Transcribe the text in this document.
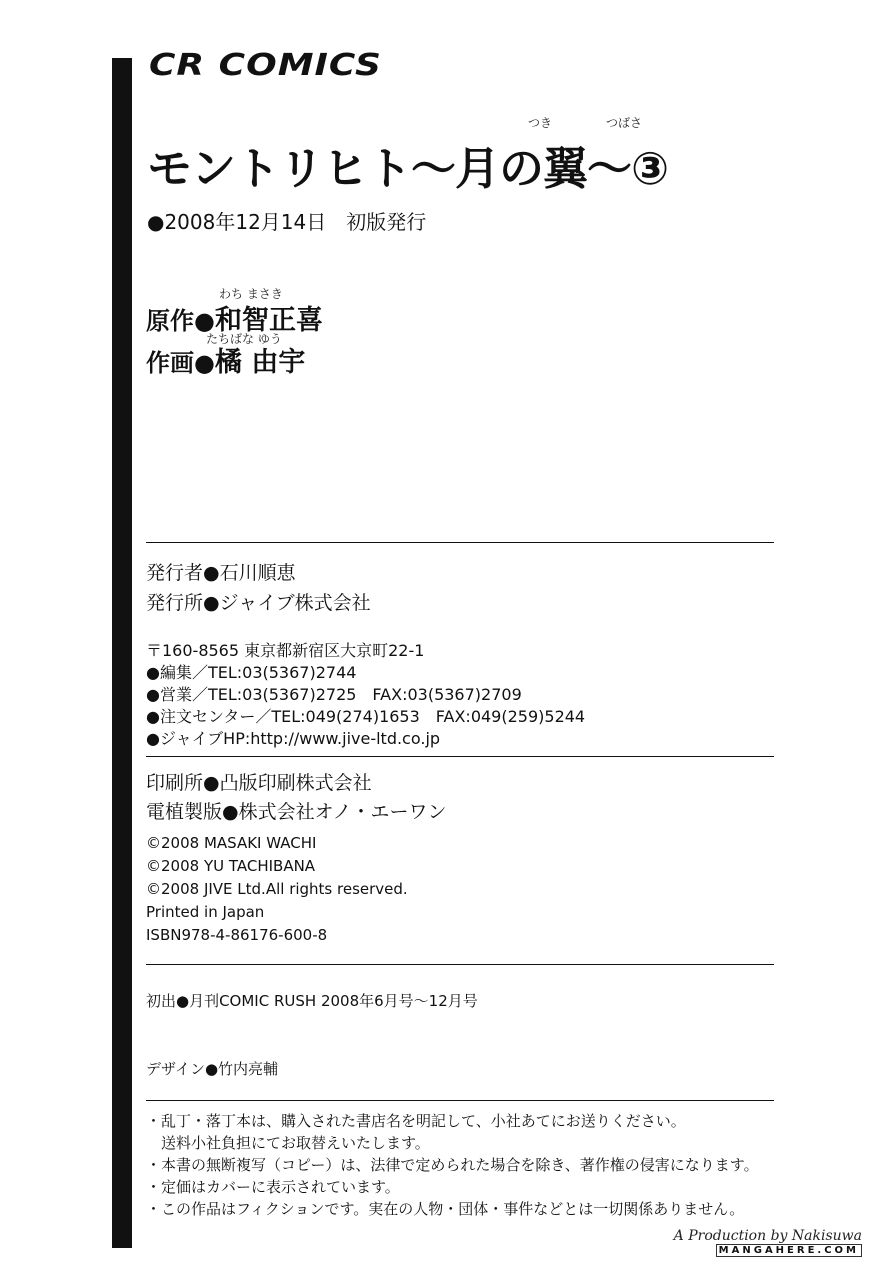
CR COMICS
つき	つばさ
モントリヒト～月の翼～③
●2008年12月14日　初版発行
わち まさき
原作●和智正喜
たちばな ゆう
作画●橘 由宇
発行者●石川順恵
発行所●ジャイブ株式会社
〒160-8565 東京都新宿区大京町22-1
●編集／TEL:03(5367)2744
●営業／TEL:03(5367)2725　FAX:03(5367)2709
●注文センター／TEL:049(274)1653　FAX:049(259)5244
●ジャイブHP:http://www.jive-ltd.co.jp
印刷所●凸版印刷株式会社
電植製版●株式会社オノ・エーワン
©2008 MASAKI WACHI
©2008 YU TACHIBANA
©2008 JIVE Ltd.All rights reserved.
Printed in Japan
ISBN978-4-86176-600-8
初出●月刊COMIC RUSH 2008年6月号～12月号
デザイン●竹内亮輔
・乱丁・落丁本は、購入された書店名を明記して、小社あてにお送りください。
　送料小社負担にてお取替えいたします。
・本書の無断複写（コピー）は、法律で定められた場合を除き、著作権の侵害になります。
・定価はカバーに表示されています。
・この作品はフィクションです。実在の人物・団体・事件などとは一切関係ありません。
A Production by Nakisuwa
MANGAHERE.COM
